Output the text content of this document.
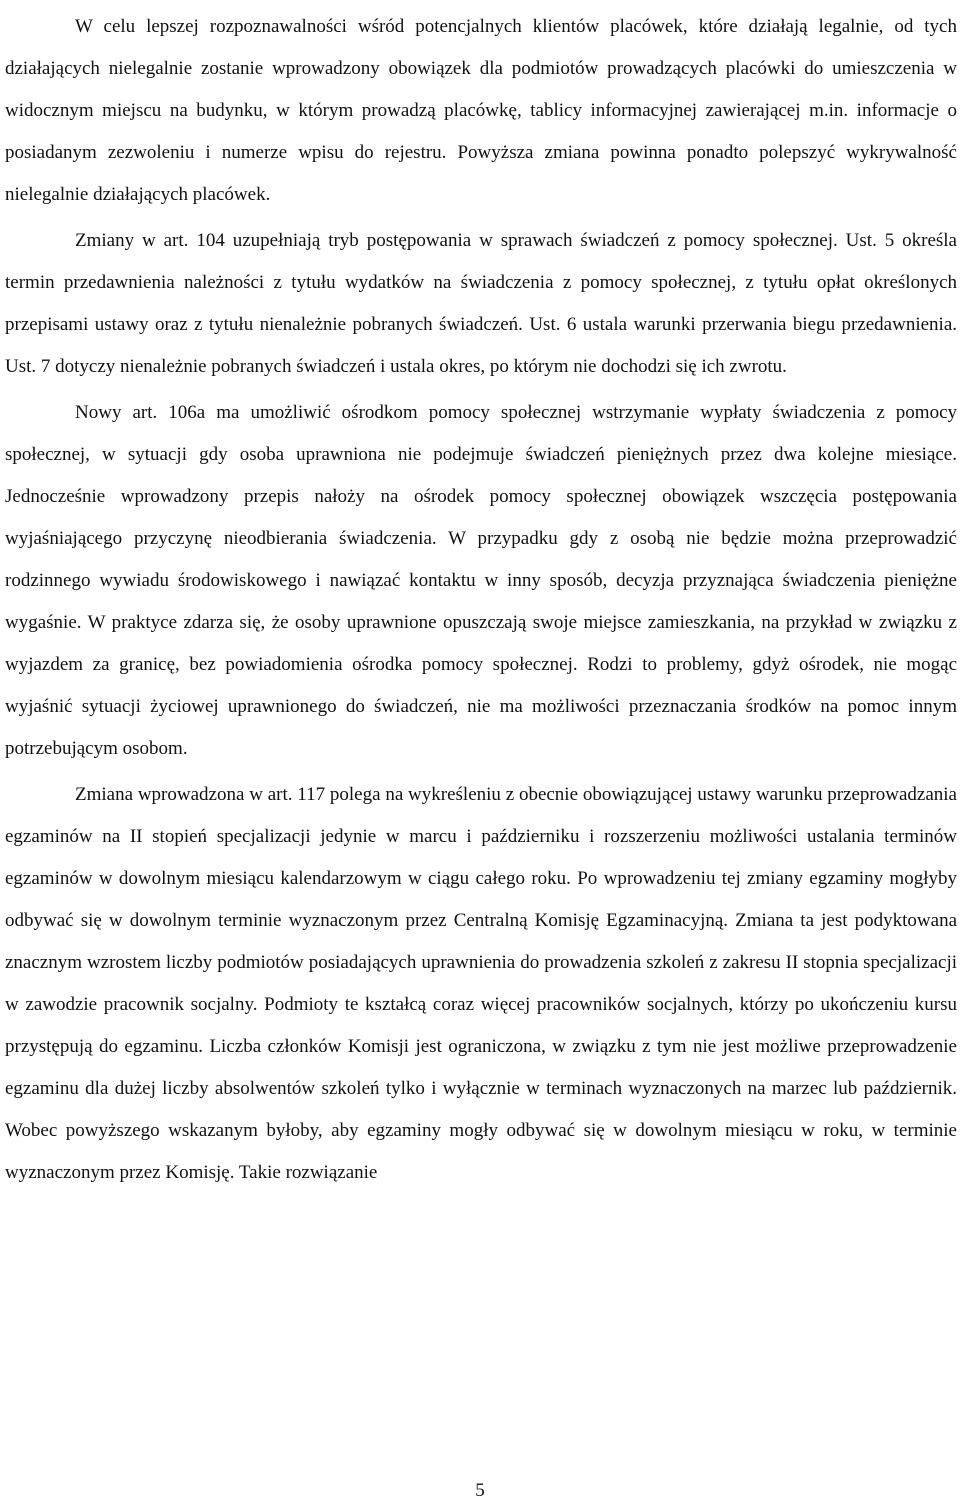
W celu lepszej rozpoznawalności wśród potencjalnych klientów placówek, które działają legalnie, od tych działających nielegalnie zostanie wprowadzony obowiązek dla podmiotów prowadzących placówki do umieszczenia w widocznym miejscu na budynku, w którym prowadzą placówkę, tablicy informacyjnej zawierającej m.in. informacje o posiadanym zezwoleniu i numerze wpisu do rejestru. Powyższa zmiana powinna ponadto polepszyć wykrywalność nielegalnie działających placówek.

Zmiany w art. 104 uzupełniają tryb postępowania w sprawach świadczeń z pomocy społecznej. Ust. 5 określa termin przedawnienia należności z tytułu wydatków na świadczenia z pomocy społecznej, z tytułu opłat określonych przepisami ustawy oraz z tytułu nienależnie pobranych świadczeń. Ust. 6 ustala warunki przerwania biegu przedawnienia. Ust. 7 dotyczy nienależnie pobranych świadczeń i ustala okres, po którym nie dochodzi się ich zwrotu.

Nowy art. 106a ma umożliwić ośrodkom pomocy społecznej wstrzymanie wypłaty świadczenia z pomocy społecznej, w sytuacji gdy osoba uprawniona nie podejmuje świadczeń pieniężnych przez dwa kolejne miesiące. Jednocześnie wprowadzony przepis nałoży na ośrodek pomocy społecznej obowiązek wszczęcia postępowania wyjaśniającego przyczynę nieodbierania świadczenia. W przypadku gdy z osobą nie będzie można przeprowadzić rodzinnego wywiadu środowiskowego i nawiązać kontaktu w inny sposób, decyzja przyznająca świadczenia pieniężne wygaśnie. W praktyce zdarza się, że osoby uprawnione opuszczają swoje miejsce zamieszkania, na przykład w związku z wyjazdem za granicę, bez powiadomienia ośrodka pomocy społecznej. Rodzi to problemy, gdyż ośrodek, nie mogąc wyjaśnić sytuacji życiowej uprawnionego do świadczeń, nie ma możliwości przeznaczania środków na pomoc innym potrzebującym osobom.

Zmiana wprowadzona w art. 117 polega na wykreśleniu z obecnie obowiązującej ustawy warunku przeprowadzania egzaminów na II stopień specjalizacji jedynie w marcu i październiku i rozszerzeniu możliwości ustalania terminów egzaminów w dowolnym miesiącu kalendarzowym w ciągu całego roku. Po wprowadzeniu tej zmiany egzaminy mogłyby odbywać się w dowolnym terminie wyznaczonym przez Centralną Komisję Egzaminacyjną. Zmiana ta jest podyktowana znacznym wzrostem liczby podmiotów posiadających uprawnienia do prowadzenia szkoleń z zakresu II stopnia specjalizacji w zawodzie pracownik socjalny. Podmioty te kształcą coraz więcej pracowników socjalnych, którzy po ukończeniu kursu przystępują do egzaminu. Liczba członków Komisji jest ograniczona, w związku z tym nie jest możliwe przeprowadzenie egzaminu dla dużej liczby absolwentów szkoleń tylko i wyłącznie w terminach wyznaczonych na marzec lub październik. Wobec powyższego wskazanym byłoby, aby egzaminy mogły odbywać się w dowolnym miesiącu w roku, w terminie wyznaczonym przez Komisję. Takie rozwiązanie

5
